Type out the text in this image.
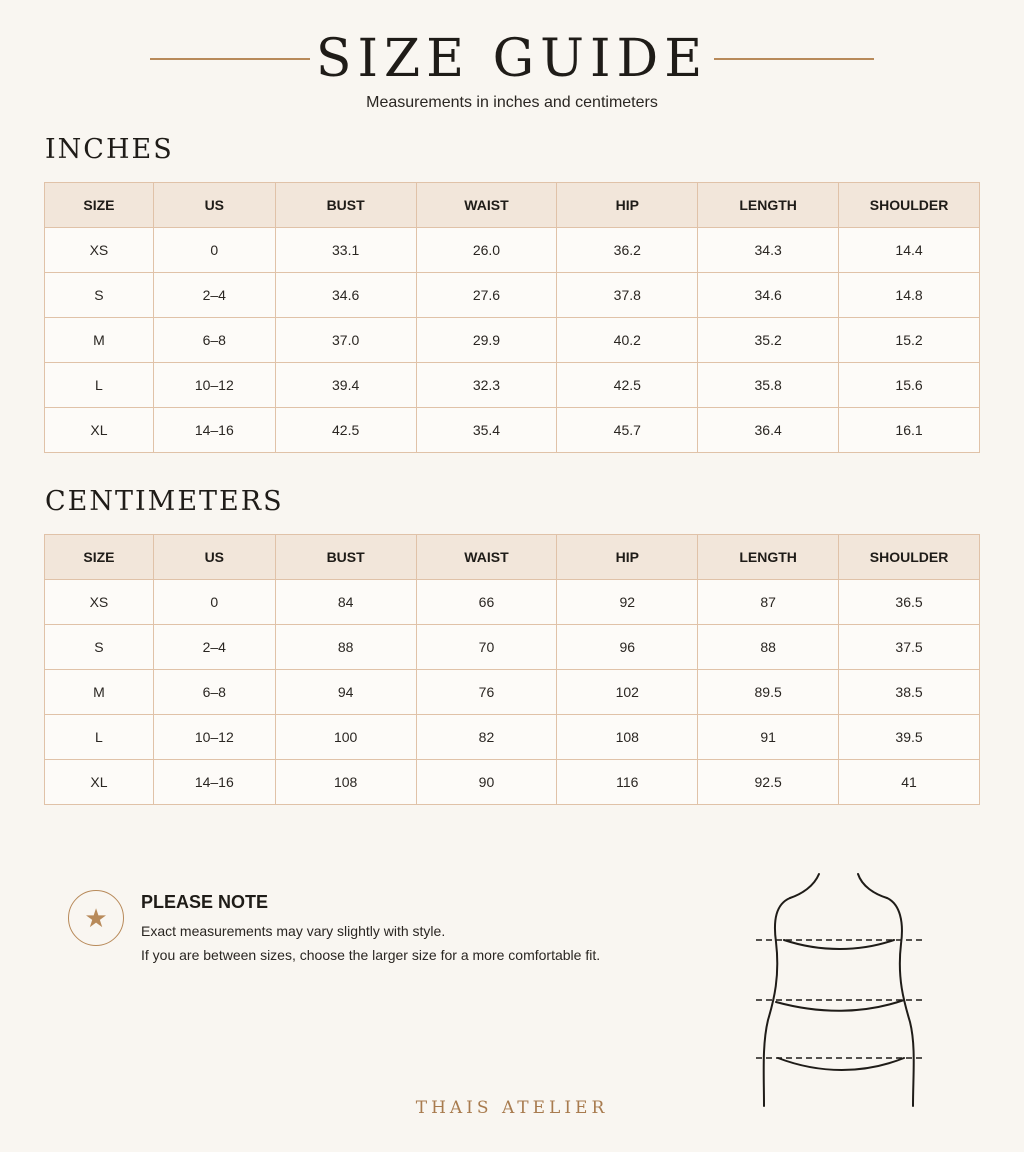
SIZE GUIDE
Measurements in inches and centimeters
INCHES
SIZE	US	BUST	WAIST	HIP	LENGTH	SHOULDER
XS	0	33.1	26.0	36.2	34.3	14.4
S	2–4	34.6	27.6	37.8	34.6	14.8
M	6–8	37.0	29.9	40.2	35.2	15.2
L	10–12	39.4	32.3	42.5	35.8	15.6
XL	14–16	42.5	35.4	45.7	36.4	16.1
CENTIMETERS
SIZE	US	BUST	WAIST	HIP	LENGTH	SHOULDER
XS	0	84	66	92	87	36.5
S	2–4	88	70	96	88	37.5
M	6–8	94	76	102	89.5	38.5
L	10–12	100	82	108	91	39.5
XL	14–16	108	90	116	92.5	41
★
PLEASE NOTE
Exact measurements may vary slightly with style.
If you are between sizes, choose the larger size for a more comfortable fit.
THAIS ATELIER
